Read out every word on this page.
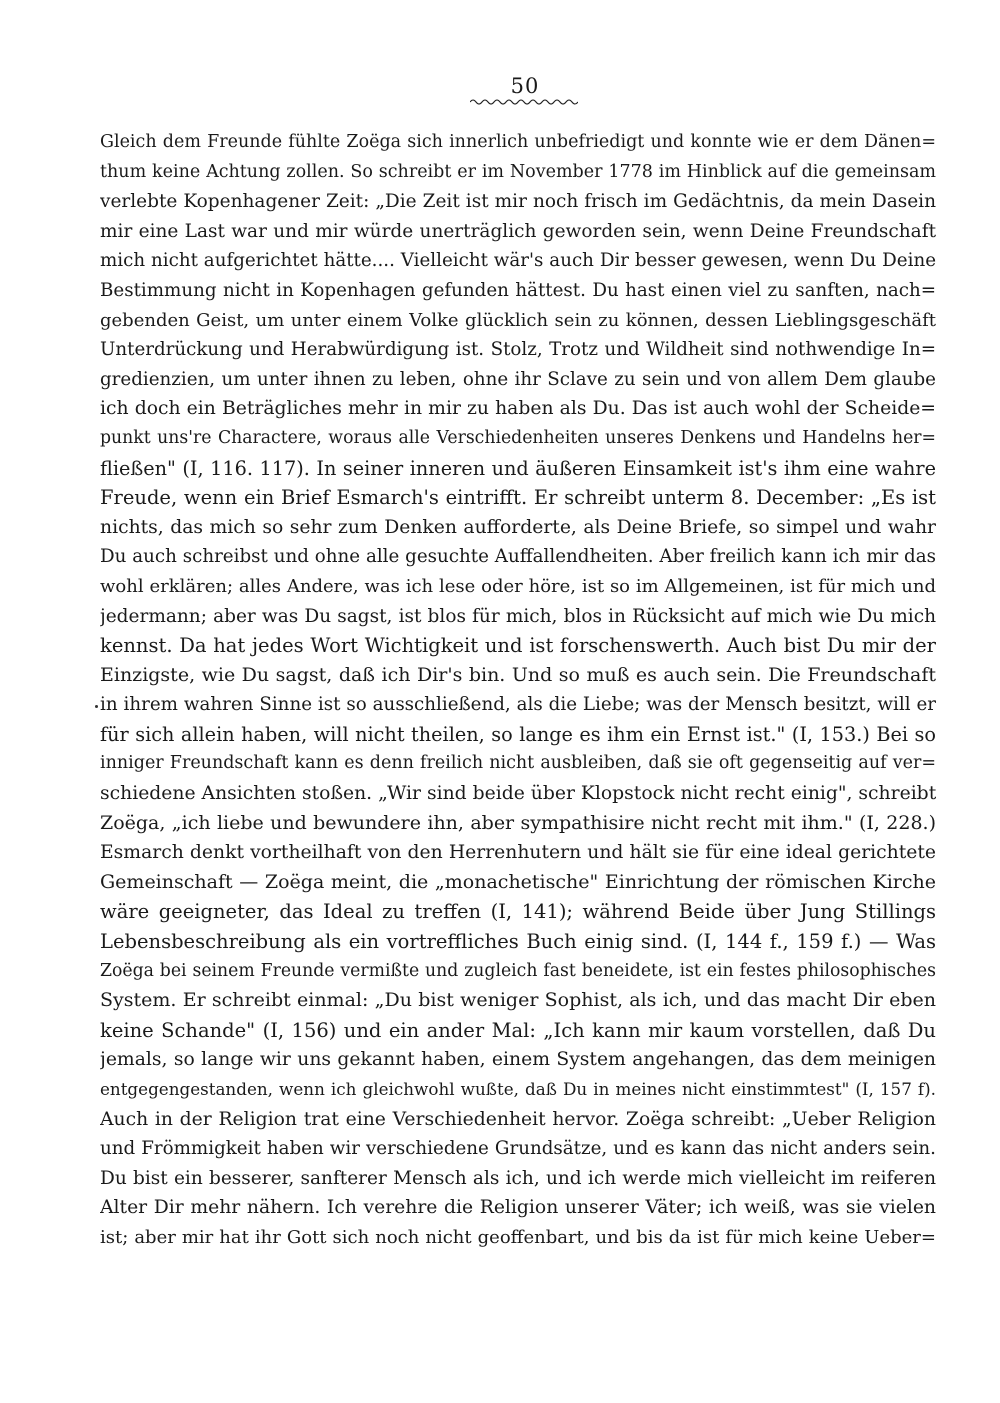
50
Gleich dem Freunde fühlte Zoëga sich innerlich unbefriedigt und konnte wie er dem Dänen=
thum keine Achtung zollen. So schreibt er im November 1778 im Hinblick auf die gemeinsam
verlebte Kopenhagener Zeit: „Die Zeit ist mir noch frisch im Gedächtnis, da mein Dasein
mir eine Last war und mir würde unerträglich geworden sein, wenn Deine Freundschaft
mich nicht aufgerichtet hätte.... Vielleicht wär's auch Dir besser gewesen, wenn Du Deine
Bestimmung nicht in Kopenhagen gefunden hättest. Du hast einen viel zu sanften, nach=
gebenden Geist, um unter einem Volke glücklich sein zu können, dessen Lieblingsgeschäft
Unterdrückung und Herabwürdigung ist. Stolz, Trotz und Wildheit sind nothwendige In=
gredienzien, um unter ihnen zu leben, ohne ihr Sclave zu sein und von allem Dem glaube
ich doch ein Beträgliches mehr in mir zu haben als Du. Das ist auch wohl der Scheide=
punkt uns're Charactere, woraus alle Verschiedenheiten unseres Denkens und Handelns her=
fließen" (I, 116. 117). In seiner inneren und äußeren Einsamkeit ist's ihm eine wahre
Freude, wenn ein Brief Esmarch's eintrifft. Er schreibt unterm 8. December: „Es ist
nichts, das mich so sehr zum Denken aufforderte, als Deine Briefe, so simpel und wahr
Du auch schreibst und ohne alle gesuchte Auffallendheiten. Aber freilich kann ich mir das
wohl erklären; alles Andere, was ich lese oder höre, ist so im Allgemeinen, ist für mich und
jedermann; aber was Du sagst, ist blos für mich, blos in Rücksicht auf mich wie Du mich
kennst. Da hat jedes Wort Wichtigkeit und ist forschenswerth. Auch bist Du mir der
Einzigste, wie Du sagst, daß ich Dir's bin. Und so muß es auch sein. Die Freundschaft
in ihrem wahren Sinne ist so ausschließend, als die Liebe; was der Mensch besitzt, will er
für sich allein haben, will nicht theilen, so lange es ihm ein Ernst ist." (I, 153.) Bei so
inniger Freundschaft kann es denn freilich nicht ausbleiben, daß sie oft gegenseitig auf ver=
schiedene Ansichten stoßen. „Wir sind beide über Klopstock nicht recht einig", schreibt
Zoëga, „ich liebe und bewundere ihn, aber sympathisire nicht recht mit ihm." (I, 228.)
Esmarch denkt vortheilhaft von den Herrenhutern und hält sie für eine ideal gerichtete
Gemeinschaft — Zoëga meint, die „monachetische" Einrichtung der römischen Kirche
wäre geeigneter, das Ideal zu treffen (I, 141); während Beide über Jung Stillings
Lebensbeschreibung als ein vortreffliches Buch einig sind. (I, 144 f., 159 f.) — Was
Zoëga bei seinem Freunde vermißte und zugleich fast beneidete, ist ein festes philosophisches
System. Er schreibt einmal: „Du bist weniger Sophist, als ich, und das macht Dir eben
keine Schande" (I, 156) und ein ander Mal: „Ich kann mir kaum vorstellen, daß Du
jemals, so lange wir uns gekannt haben, einem System angehangen, das dem meinigen
entgegengestanden, wenn ich gleichwohl wußte, daß Du in meines nicht einstimmtest" (I, 157 f).
Auch in der Religion trat eine Verschiedenheit hervor. Zoëga schreibt: „Ueber Religion
und Frömmigkeit haben wir verschiedene Grundsätze, und es kann das nicht anders sein.
Du bist ein besserer, sanfterer Mensch als ich, und ich werde mich vielleicht im reiferen
Alter Dir mehr nähern. Ich verehre die Religion unserer Väter; ich weiß, was sie vielen
ist; aber mir hat ihr Gott sich noch nicht geoffenbart, und bis da ist für mich keine Ueber=
